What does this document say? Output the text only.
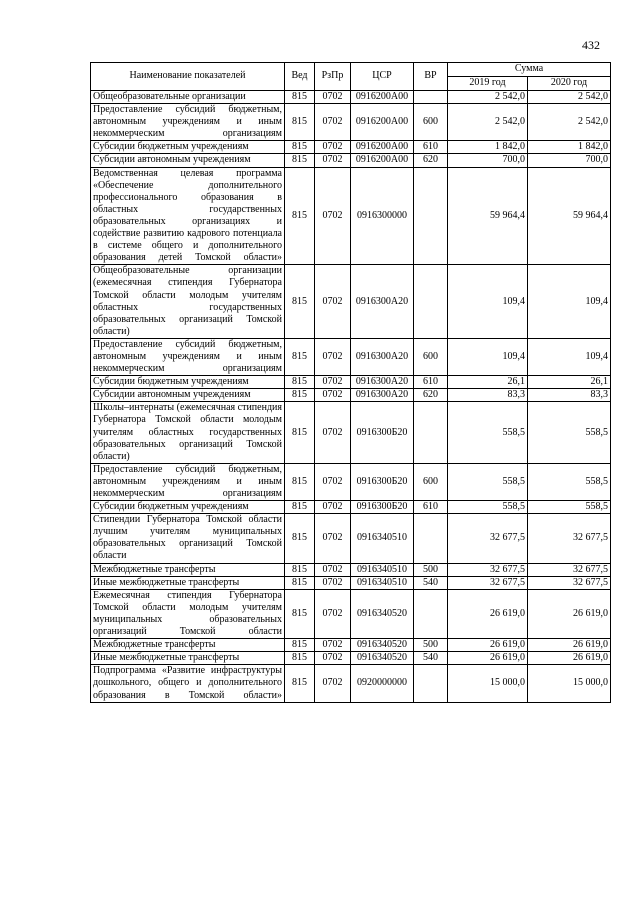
432
Наименование показателей	Вед	РзПр	ЦСР	ВР	Сумма	
					2019 год	2020 год
Общеобразовательные организации	815	0702	0916200А00		2 542,0	2 542,0
Предоставление субсидий бюджетным, автономным учреждениям и иным некоммерческим организациям	815	0702	0916200А00	600	2 542,0	2 542,0
Субсидии бюджетным учреждениям	815	0702	0916200А00	610	1 842,0	1 842,0
Субсидии автономным учреждениям	815	0702	0916200А00	620	700,0	700,0
Ведомственная целевая программа «Обеспечение дополнительного профессионального образования в областных государственных образовательных организациях и содействие развитию кадрового потенциала в системе общего и дополнительного образования детей Томской области»	815	0702	0916300000		59 964,4	59 964,4
Общеобразовательные организации (ежемесячная стипендия Губернатора Томской области молодым учителям областных государственных образовательных организаций Томской области)	815	0702	0916300А20		109,4	109,4
Предоставление субсидий бюджетным, автономным учреждениям и иным некоммерческим организациям	815	0702	0916300А20	600	109,4	109,4
Субсидии бюджетным учреждениям	815	0702	0916300А20	610	26,1	26,1
Субсидии автономным учреждениям	815	0702	0916300А20	620	83,3	83,3
Школы–интернаты (ежемесячная стипендия Губернатора Томской области молодым учителям областных государственных образовательных организаций Томской области)	815	0702	0916300Б20		558,5	558,5
Предоставление субсидий бюджетным, автономным учреждениям и иным некоммерческим организациям	815	0702	0916300Б20	600	558,5	558,5
Субсидии бюджетным учреждениям	815	0702	0916300Б20	610	558,5	558,5
Стипендии Губернатора Томской области лучшим учителям муниципальных образовательных организаций Томской области	815	0702	0916340510		32 677,5	32 677,5
Межбюджетные трансферты	815	0702	0916340510	500	32 677,5	32 677,5
Иные межбюджетные трансферты	815	0702	0916340510	540	32 677,5	32 677,5
Ежемесячная стипендия Губернатора Томской области молодым учителям муниципальных образовательных организаций Томской области	815	0702	0916340520		26 619,0	26 619,0
Межбюджетные трансферты	815	0702	0916340520	500	26 619,0	26 619,0
Иные межбюджетные трансферты	815	0702	0916340520	540	26 619,0	26 619,0
Подпрограмма «Развитие инфраструктуры дошкольного, общего и дополнительного образования в Томской области»	815	0702	0920000000		15 000,0	15 000,0
